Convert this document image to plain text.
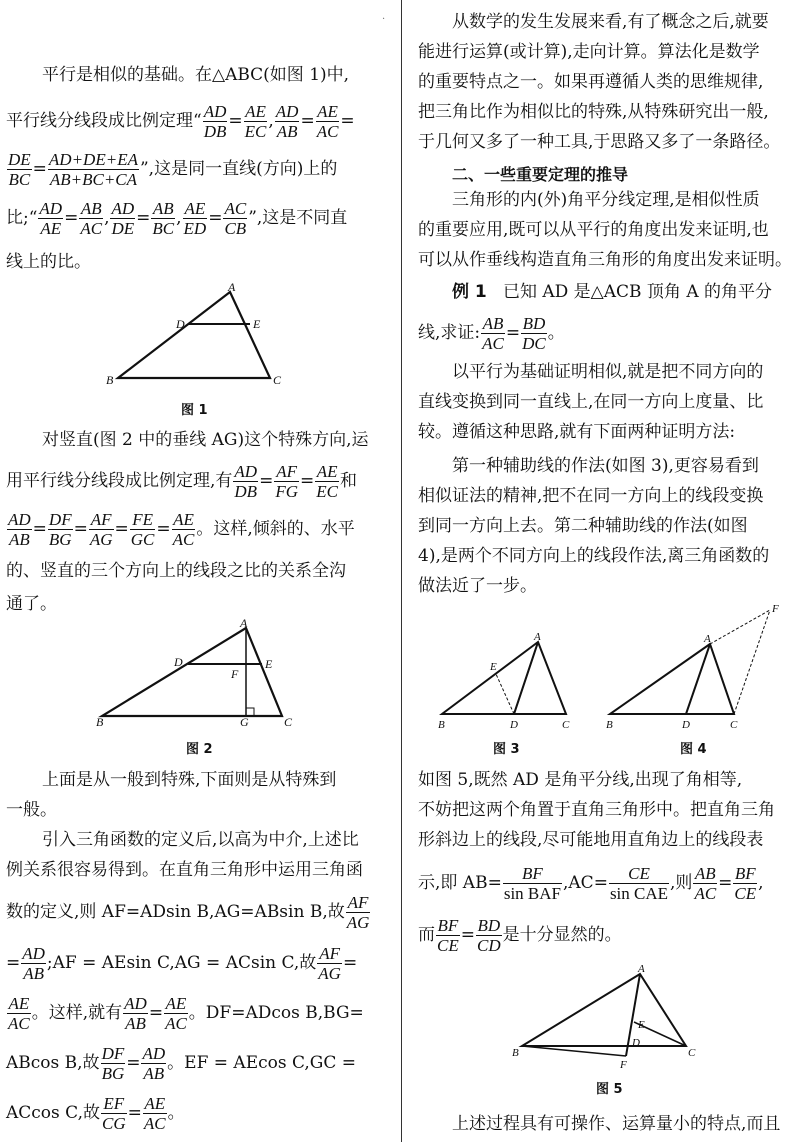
·
平行是相似的基础。在△ABC(如图 1)中,
平行线分线段成比例定理“ $\frac{AD}{DB} = \frac{AE}{EC}$ , $\frac{AD}{AB} = \frac{AE}{AC}$ =
$\frac{DE}{BC} = \frac{AD+DE+EA}{AB+BC+CA}$ ”,这是同一直线(方向)上的
比;“ $\frac{AD}{AE} = \frac{AB}{AC}$ , $\frac{AD}{DE} = \frac{AB}{BC}$ , $\frac{AE}{ED} = \frac{AC}{CB}$ ”,这是不同直
线上的比。
A
D	E
B	C
图 1
对竖直(图 2 中的垂线 AG)这个特殊方向,运
用平行线分线段成比例定理,有 $\frac{AD}{DB} = \frac{AF}{FG} = \frac{AE}{EC}$ 和
$\frac{AD}{AB} = \frac{DF}{BG} = \frac{AF}{AG} = \frac{FE}{GC} = \frac{AE}{AC}$ 。这样,倾斜的、水平
的、竖直的三个方向上的线段之比的关系全沟
通了。
A
D	E
F
B	G	C
图 2
上面是从一般到特殊,下面则是从特殊到
一般。
引入三角函数的定义后,以高为中介,上述比
例关系很容易得到。在直角三角形中运用三角函
数的定义,则 AF=ADsin B,AG=ABsin B,故 $\frac{AF}{AG}$
= $\frac{AD}{AB}$ ;AF = AEsin C,AG = ACsin C,故 $\frac{AF}{AG}$ =
$\frac{AE}{AC}$ 。这样,就有 $\frac{AD}{AB} = \frac{AE}{AC}$ 。DF=ADcos B,BG=
ABcos B,故 $\frac{DF}{BG} = \frac{AD}{AB}$ 。EF = AEcos C,GC =
ACcos C,故 $\frac{EF}{CG} = \frac{AE}{AC}$ 。
从数学的发生发展来看,有了概念之后,就要
能进行运算(或计算),走向计算。算法化是数学
的重要特点之一。如果再遵循人类的思维规律,
把三角比作为相似比的特殊,从特殊研究出一般,
于几何又多了一种工具,于思路又多了一条路径。
二、一些重要定理的推导
三角形的内(外)角平分线定理,是相似性质
的重要应用,既可以从平行的角度出发来证明,也
可以从作垂线构造直角三角形的角度出发来证明。
例 1 已知 AD 是△ACB 顶角 A 的角平分
线,求证: $\frac{AB}{AC} = \frac{BD}{DC}$ 。
以平行为基础证明相似,就是把不同方向的
直线变换到同一直线上,在同一方向上度量、比
较。遵循这种思路,就有下面两种证明方法:
第一种辅助线的作法(如图 3),更容易看到
相似证法的精神,把不在同一方向上的线段变换
到同一方向上去。第二种辅助线的作法(如图
4),是两个不同方向上的线段作法,离三角函数的
做法近了一步。
A
E
B	D	C
图 3
A
F
B	D	C
图 4
如图 5,既然 AD 是角平分线,出现了角相等,
不妨把这两个角置于直角三角形中。把直角三角
形斜边上的线段,尽可能地用直角边上的线段表
示,即 $AB= \frac{BF}{\text{sin BAF}} ,AC= \frac{CE}{\text{sin CAE}}$ ,则 $\frac{AB}{AC} = \frac{BF}{CE}$ ,
而 $\frac{BF}{CE} = \frac{BD}{CD}$ 是十分显然的。
A
E
B
D
C
F
图 5
上述过程具有可操作、运算量小的特点,而且
